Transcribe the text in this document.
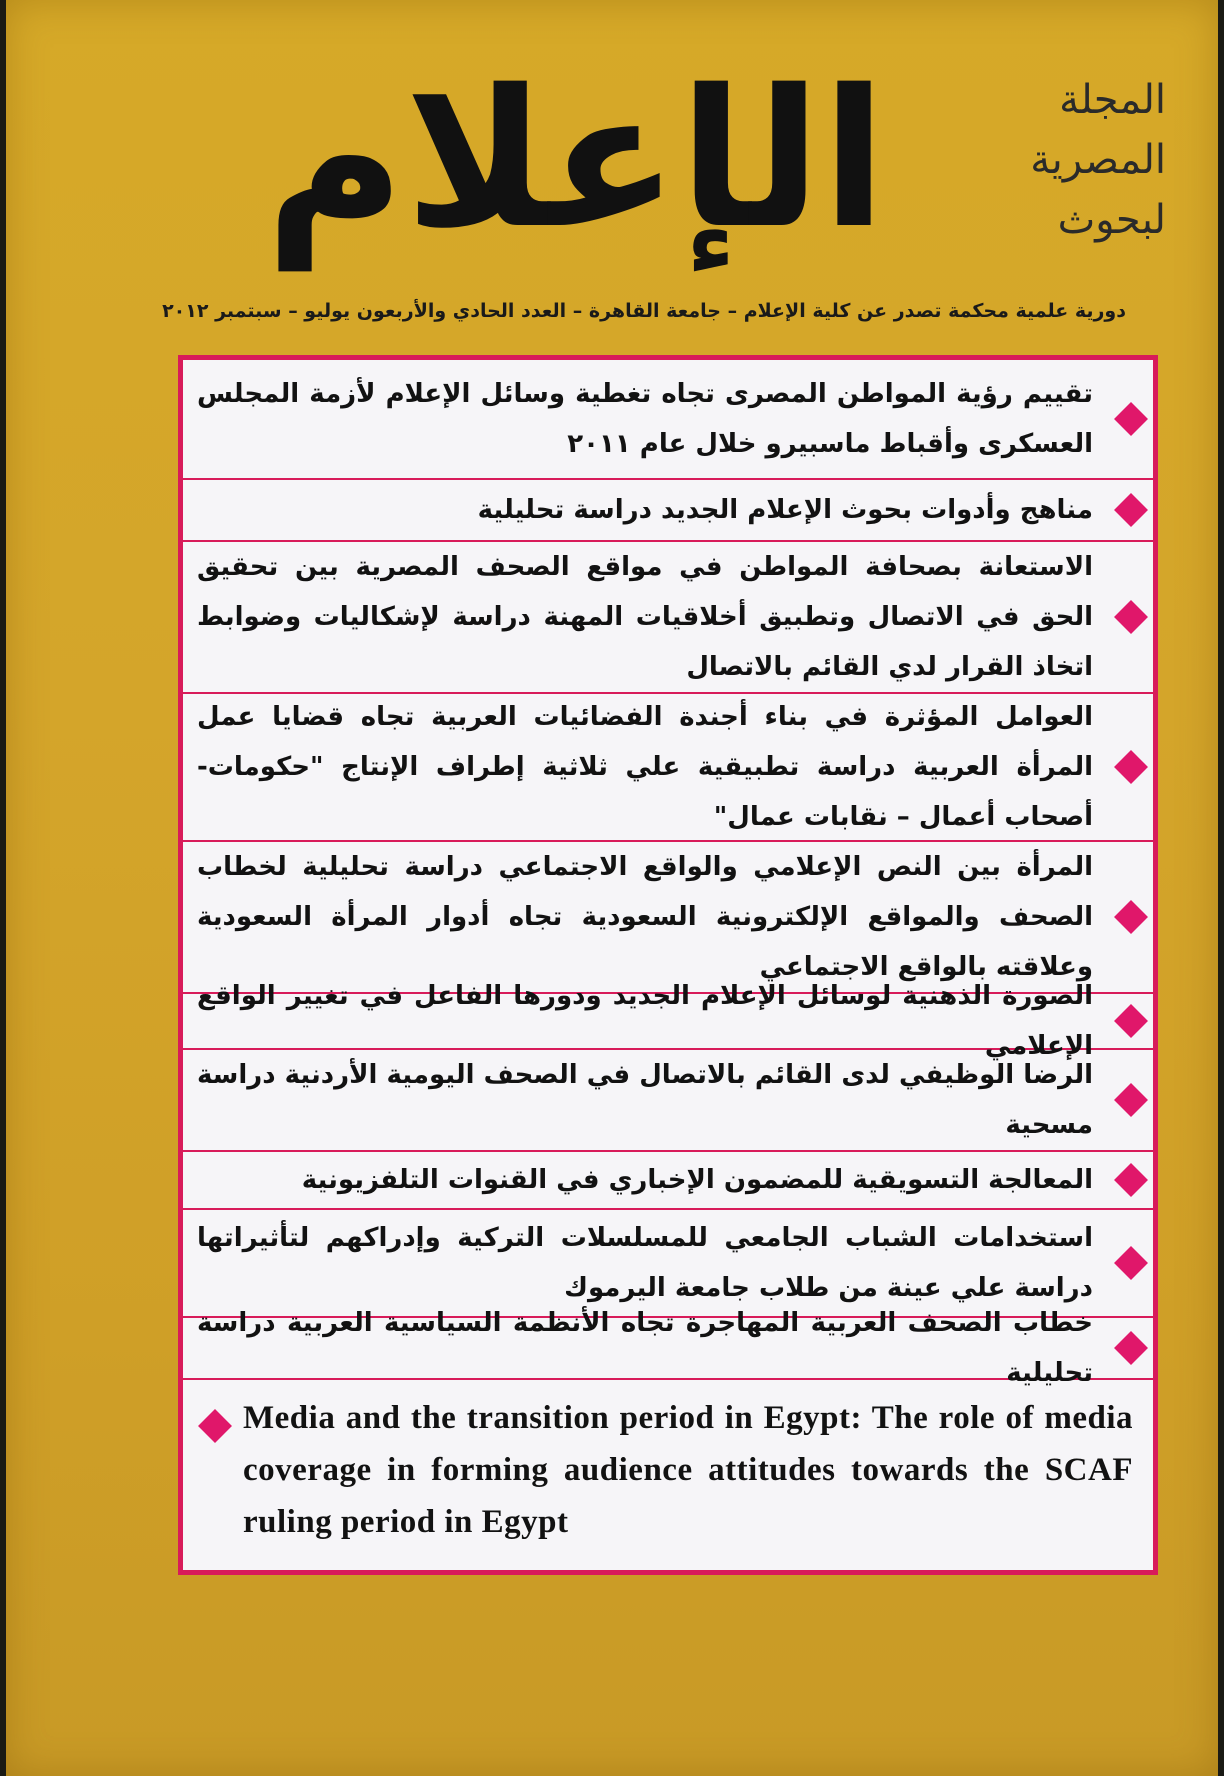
الإعلام	المجلة
المصرية
لبحوث
دورية علمية محكمة تصدر عن كلية الإعلام – جامعة القاهرة – العدد الحادي والأربعون يوليو – سبتمبر ٢٠١٢
تقييم رؤية المواطن المصرى تجاه تغطية وسائل الإعلام لأزمة المجلس العسكرى وأقباط ماسبيرو خلال عام ٢٠١١
مناهج وأدوات بحوث الإعلام الجديد دراسة تحليلية
الاستعانة بصحافة المواطن في مواقع الصحف المصرية بين تحقيق الحق في الاتصال وتطبيق أخلاقيات المهنة دراسة لإشكاليات وضوابط اتخاذ القرار لدي القائم بالاتصال
العوامل المؤثرة في بناء أجندة الفضائيات العربية تجاه قضايا عمل المرأة العربية دراسة تطبيقية علي ثلاثية إطراف الإنتاج "حكومات- أصحاب أعمال – نقابات عمال"
المرأة بين النص الإعلامي والواقع الاجتماعي دراسة تحليلية لخطاب الصحف والمواقع الإلكترونية السعودية تجاه أدوار المرأة السعودية وعلاقته بالواقع الاجتماعي
الصورة الذهنية لوسائل الإعلام الجديد ودورها الفاعل في تغيير الواقع الإعلامي
الرضا الوظيفي لدى القائم بالاتصال في الصحف اليومية الأردنية دراسة مسحية
المعالجة التسويقية للمضمون الإخباري في القنوات التلفزيونية
استخدامات الشباب الجامعي للمسلسلات التركية وإدراكهم لتأثيراتها دراسة علي عينة من طلاب جامعة اليرموك
خطاب الصحف العربية المهاجرة تجاه الأنظمة السياسية العربية دراسة تحليلية
Media and the transition period in Egypt: The role of media coverage in forming audience attitudes towards the SCAF ruling period in Egypt
